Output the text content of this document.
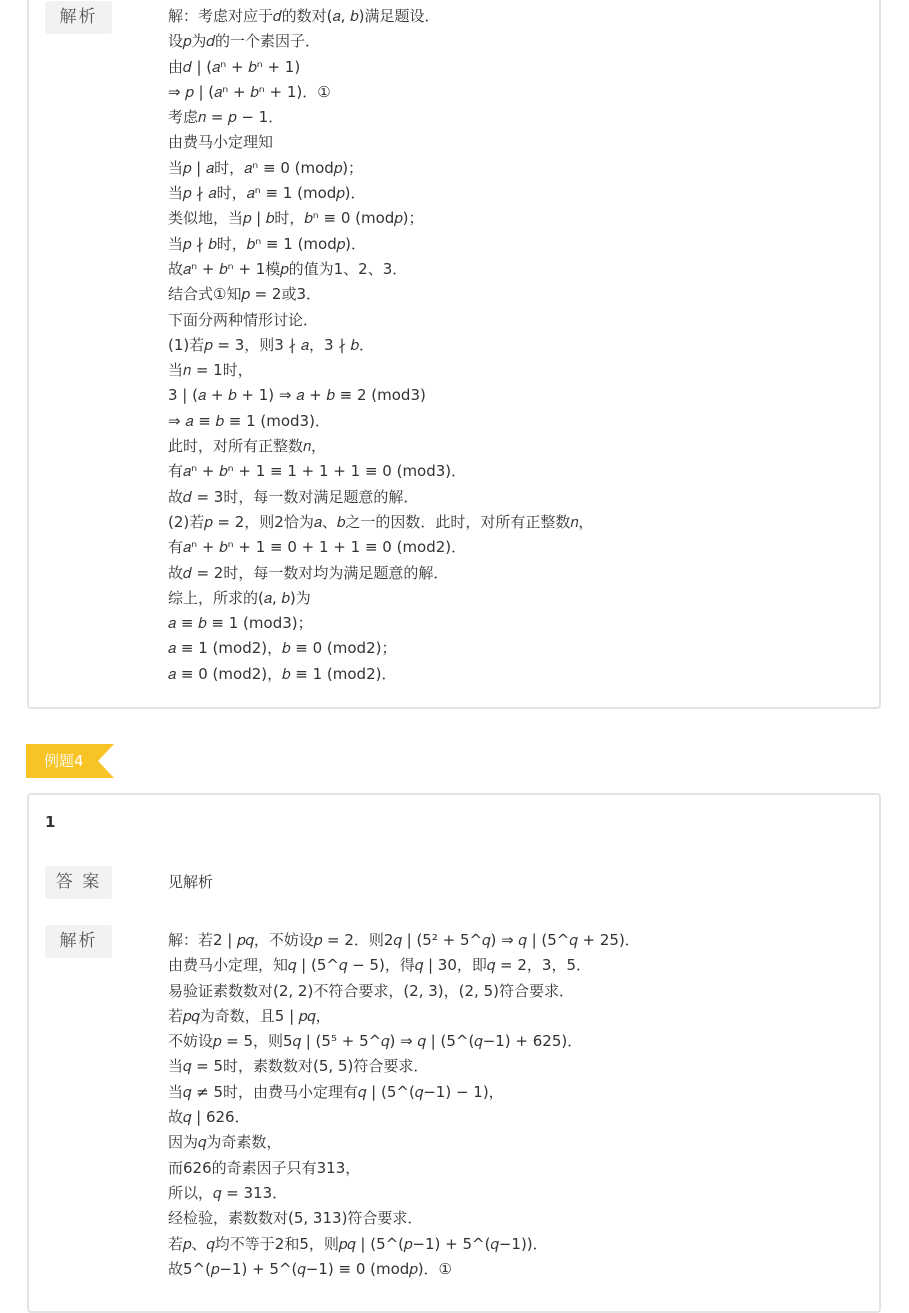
解析	解：考虑对应于𝑑的数对(𝑎, 𝑏)满足题设．
设𝑝为𝑑的一个素因子．
由𝑑 | (𝑎ⁿ + 𝑏ⁿ + 1)
⇒ 𝑝 | (𝑎ⁿ + 𝑏ⁿ + 1)．①
考虑𝑛 = 𝑝 − 1．
由费马小定理知
当𝑝 | 𝑎时，𝑎ⁿ ≡ 0 (mod𝑝)；
当𝑝 ∤ 𝑎时，𝑎ⁿ ≡ 1 (mod𝑝)．
类似地，当𝑝 | 𝑏时，𝑏ⁿ ≡ 0 (mod𝑝)；
当𝑝 ∤ 𝑏时，𝑏ⁿ ≡ 1 (mod𝑝)．
故𝑎ⁿ + 𝑏ⁿ + 1模𝑝的值为1、2、3．
结合式①知𝑝 = 2或3．
下面分两种情形讨论．
(1)若𝑝 = 3，则3 ∤ 𝑎，3 ∤ 𝑏．
当𝑛 = 1时，
3 | (𝑎 + 𝑏 + 1) ⇒ 𝑎 + 𝑏 ≡ 2 (mod3)
⇒ 𝑎 ≡ 𝑏 ≡ 1 (mod3)．
此时，对所有正整数𝑛，
有𝑎ⁿ + 𝑏ⁿ + 1 ≡ 1 + 1 + 1 ≡ 0 (mod3)．
故𝑑 = 3时，每一数对满足题意的解．
(2)若𝑝 = 2，则2恰为𝑎、𝑏之一的因数．此时，对所有正整数𝑛，
有𝑎ⁿ + 𝑏ⁿ + 1 ≡ 0 + 1 + 1 ≡ 0 (mod2)．
故𝑑 = 2时，每一数对均为满足题意的解．
综上，所求的(𝑎, 𝑏)为
𝑎 ≡ 𝑏 ≡ 1 (mod3)；
𝑎 ≡ 1 (mod2)，𝑏 ≡ 0 (mod2)；
𝑎 ≡ 0 (mod2)，𝑏 ≡ 1 (mod2)．
例题4
1
答 案	见解析
解析	解：若2 | 𝑝𝑞，不妨设𝑝 = 2．则2𝑞 | (5² + 5^𝑞) ⇒ 𝑞 | (5^𝑞 + 25)．
由费马小定理，知𝑞 | (5^𝑞 − 5)，得𝑞 | 30，即𝑞 = 2，3，5．
易验证素数数对(2, 2)不符合要求，(2, 3)，(2, 5)符合要求．
若𝑝𝑞为奇数，且5 | 𝑝𝑞，
不妨设𝑝 = 5，则5𝑞 | (5⁵ + 5^𝑞) ⇒ 𝑞 | (5^(𝑞−1) + 625)．
当𝑞 = 5时，素数数对(5, 5)符合要求．
当𝑞 ≠ 5时，由费马小定理有𝑞 | (5^(𝑞−1) − 1)，
故𝑞 | 626．
因为𝑞为奇素数，
而626的奇素因子只有313，
所以，𝑞 = 313．
经检验，素数数对(5, 313)符合要求．
若𝑝、𝑞均不等于2和5，则𝑝𝑞 | (5^(𝑝−1) + 5^(𝑞−1))．
故5^(𝑝−1) + 5^(𝑞−1) ≡ 0 (mod𝑝)．①
